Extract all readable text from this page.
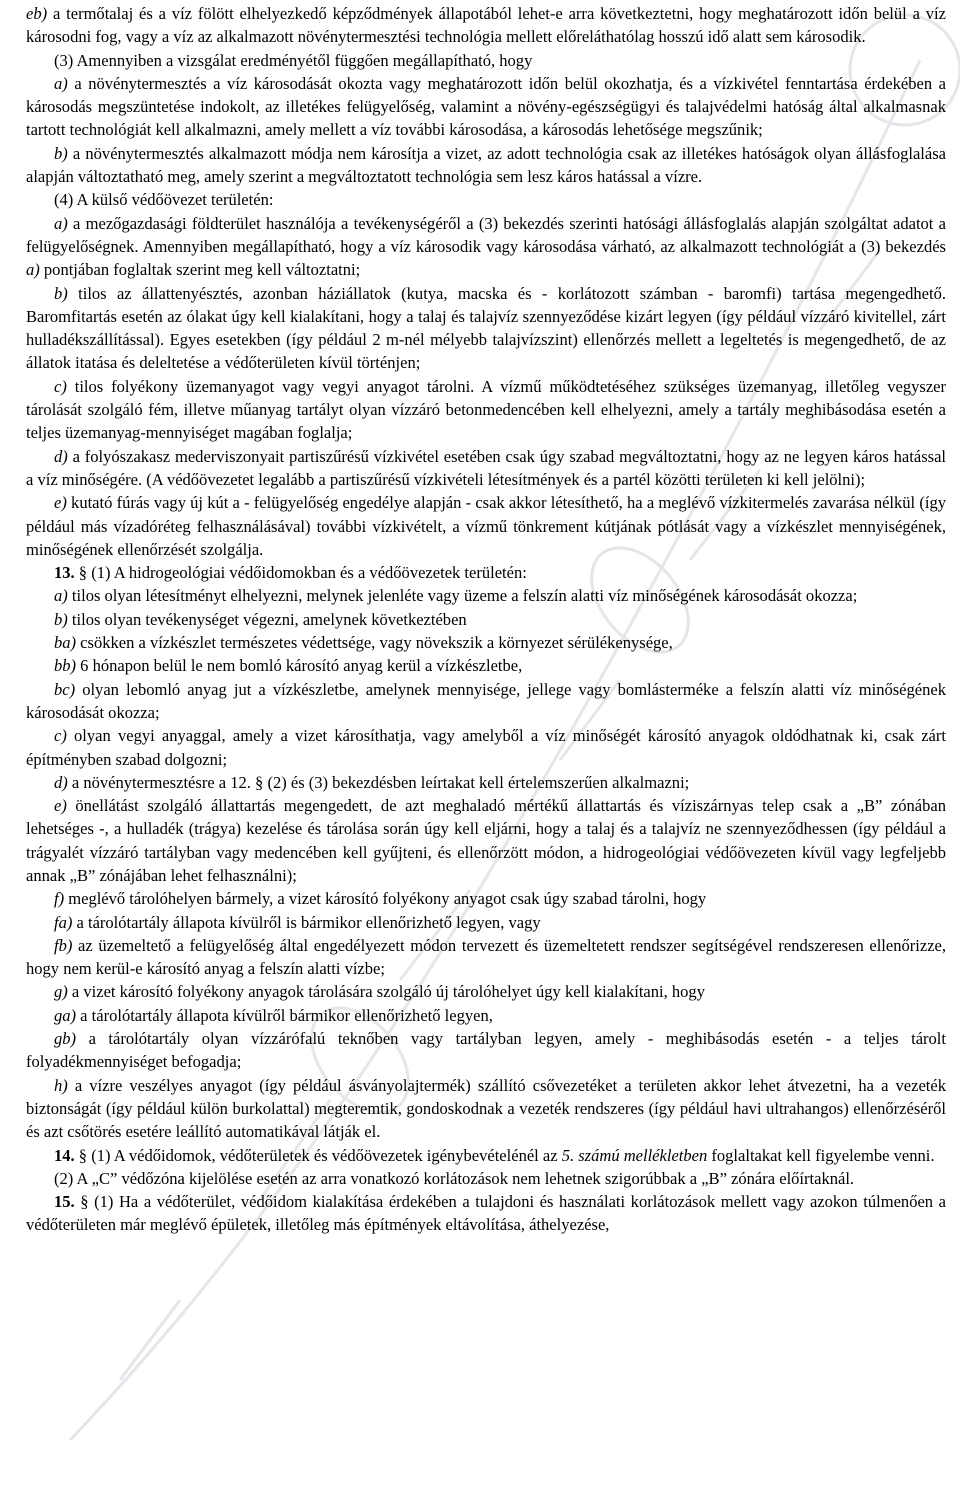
eb) a termőtalaj és a víz fölött elhelyezkedő képződmények állapotából lehet-e arra következtetni, hogy meghatározott időn belül a víz károsodni fog, vagy a víz az alkalmazott növénytermesztési technológia mellett előreláthatólag hosszú idő alatt sem károsodik.

(3) Amennyiben a vizsgálat eredményétől függően megállapítható, hogy

a) a növénytermesztés a víz károsodását okozta vagy meghatározott időn belül okozhatja, és a vízkivétel fenntartása érdekében a károsodás megszüntetése indokolt, az illetékes felügyelőség, valamint a növény-egészségügyi és talajvédelmi hatóság által alkalmasnak tartott technológiát kell alkalmazni, amely mellett a víz további károsodása, a károsodás lehetősége megszűnik;

b) a növénytermesztés alkalmazott módja nem károsítja a vizet, az adott technológia csak az illetékes hatóságok olyan állásfoglalása alapján változtatható meg, amely szerint a megváltoztatott technológia sem lesz káros hatással a vízre.

(4) A külső védőövezet területén:

a) a mezőgazdasági földterület használója a tevékenységéről a (3) bekezdés szerinti hatósági állásfoglalás alapján szolgáltat adatot a felügyelőségnek. Amennyiben megállapítható, hogy a víz károsodik vagy károsodása várható, az alkalmazott technológiát a (3) bekezdés a) pontjában foglaltak szerint meg kell változtatni;

b) tilos az állattenyésztés, azonban háziállatok (kutya, macska és - korlátozott számban - baromfi) tartása megengedhető. Baromfitartás esetén az ólakat úgy kell kialakítani, hogy a talaj és talajvíz szennyeződése kizárt legyen (így például vízzáró kivitellel, zárt hulladékszállítással). Egyes esetekben (így például 2 m-nél mélyebb talajvízszint) ellenőrzés mellett a legeltetés is megengedhető, de az állatok itatása és deleltetése a védőterületen kívül történjen;

c) tilos folyékony üzemanyagot vagy vegyi anyagot tárolni. A vízmű működtetéséhez szükséges üzemanyag, illetőleg vegyszer tárolását szolgáló fém, illetve műanyag tartályt olyan vízzáró betonmedencében kell elhelyezni, amely a tartály meghibásodása esetén a teljes üzemanyag-mennyiséget magában foglalja;

d) a folyószakasz mederviszonyait partiszűrésű vízkivétel esetében csak úgy szabad megváltoztatni, hogy az ne legyen káros hatással a víz minőségére. (A védőövezetet legalább a partiszűrésű vízkivételi létesítmények és a partél közötti területen ki kell jelölni);

e) kutató fúrás vagy új kút a - felügyelőség engedélye alapján - csak akkor létesíthető, ha a meglévő vízkitermelés zavarása nélkül (így például más vízadóréteg felhasználásával) további vízkivételt, a vízmű tönkrement kútjának pótlását vagy a vízkészlet mennyiségének, minőségének ellenőrzését szolgálja.

13. § (1) A hidrogeológiai védőidomokban és a védőövezetek területén:

a) tilos olyan létesítményt elhelyezni, melynek jelenléte vagy üzeme a felszín alatti víz minőségének károsodását okozza;

b) tilos olyan tevékenységet végezni, amelynek következtében

ba) csökken a vízkészlet természetes védettsége, vagy növekszik a környezet sérülékenysége,

bb) 6 hónapon belül le nem bomló károsító anyag kerül a vízkészletbe,

bc) olyan lebomló anyag jut a vízkészletbe, amelynek mennyisége, jellege vagy bomlásterméke a felszín alatti víz minőségének károsodását okozza;

c) olyan vegyi anyaggal, amely a vizet károsíthatja, vagy amelyből a víz minőségét károsító anyagok oldódhatnak ki, csak zárt építményben szabad dolgozni;

d) a növénytermesztésre a 12. § (2) és (3) bekezdésben leírtakat kell értelemszerűen alkalmazni;

e) önellátást szolgáló állattartás megengedett, de azt meghaladó mértékű állattartás és víziszárnyas telep csak a „B” zónában lehetséges -, a hulladék (trágya) kezelése és tárolása során úgy kell eljárni, hogy a talaj és a talajvíz ne szennyeződhessen (így például a trágyalét vízzáró tartályban vagy medencében kell gyűjteni, és ellenőrzött módon, a hidrogeológiai védőövezeten kívül vagy legfeljebb annak „B” zónájában lehet felhasználni);

f) meglévő tárolóhelyen bármely, a vizet károsító folyékony anyagot csak úgy szabad tárolni, hogy

fa) a tárolótartály állapota kívülről is bármikor ellenőrizhető legyen, vagy

fb) az üzemeltető a felügyelőség által engedélyezett módon tervezett és üzemeltetett rendszer segítségével rendszeresen ellenőrizze, hogy nem kerül-e károsító anyag a felszín alatti vízbe;

g) a vizet károsító folyékony anyagok tárolására szolgáló új tárolóhelyet úgy kell kialakítani, hogy

ga) a tárolótartály állapota kívülről bármikor ellenőrizhető legyen,

gb) a tárolótartály olyan vízzárófalú teknőben vagy tartályban legyen, amely - meghibásodás esetén - a teljes tárolt folyadékmennyiséget befogadja;

h) a vízre veszélyes anyagot (így például ásványolajtermék) szállító csővezetéket a területen akkor lehet átvezetni, ha a vezeték biztonságát (így például külön burkolattal) megteremtik, gondoskodnak a vezeték rendszeres (így például havi ultrahangos) ellenőrzéséről és azt csőtörés esetére leállító automatikával látják el.

14. § (1) A védőidomok, védőterületek és védőövezetek igénybevételénél az 5. számú mellékletben foglaltakat kell figyelembe venni.

(2) A „C” védőzóna kijelölése esetén az arra vonatkozó korlátozások nem lehetnek szigorúbbak a „B” zónára előírtaknál.

15. § (1) Ha a védőterület, védőidom kialakítása érdekében a tulajdoni és használati korlátozások mellett vagy azokon túlmenően a védőterületen már meglévő épületek, illetőleg más építmények eltávolítása, áthelyezése,
